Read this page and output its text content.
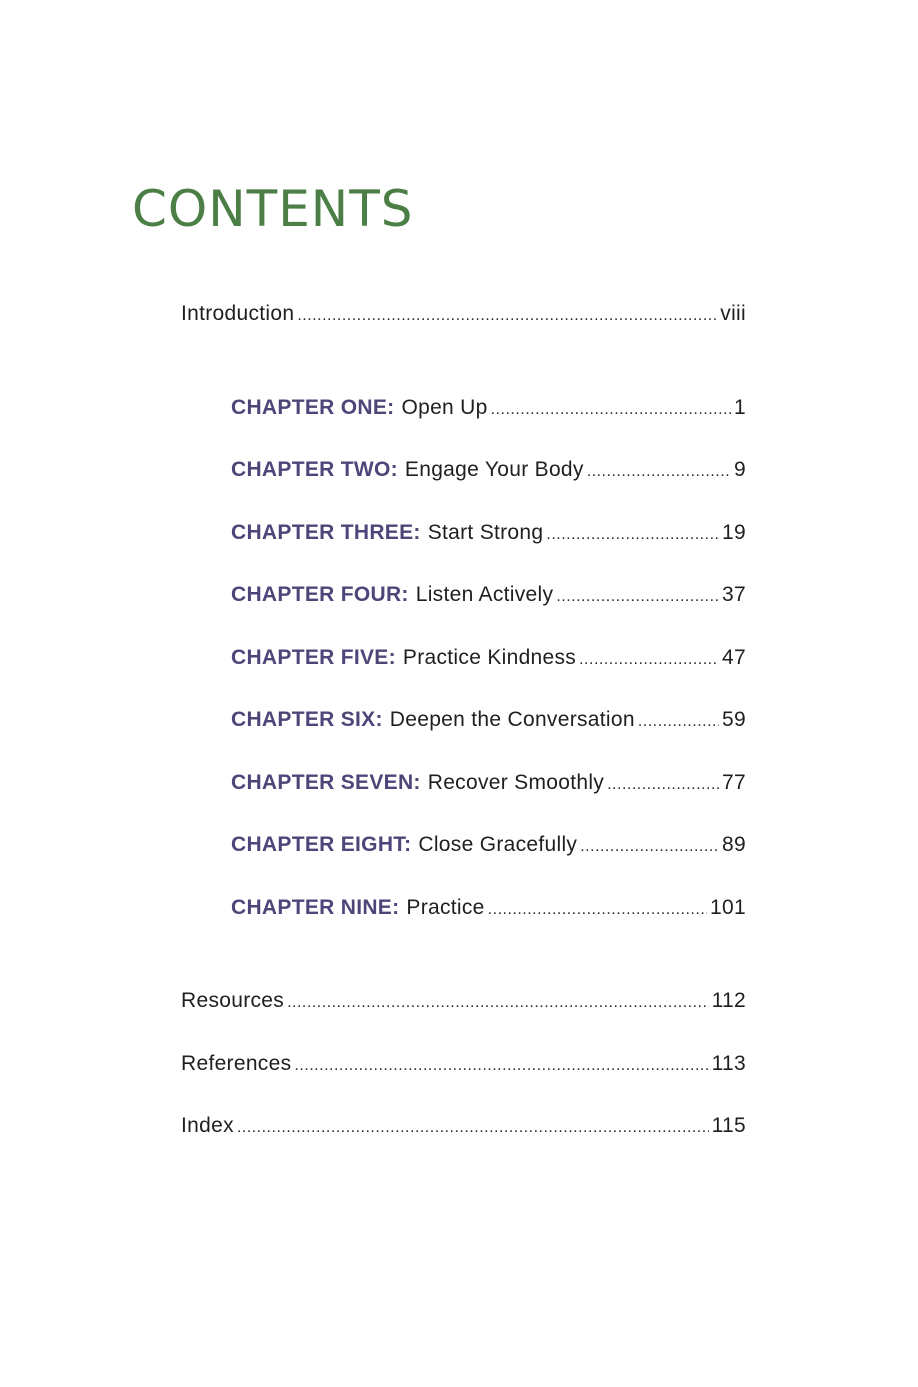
CONTENTS
Introduction .....	viii
CHAPTER ONE: Open Up .....	1
CHAPTER TWO: Engage Your Body .....	9
CHAPTER THREE: Start Strong .....	19
CHAPTER FOUR: Listen Actively .....	37
CHAPTER FIVE: Practice Kindness .....	47
CHAPTER SIX: Deepen the Conversation .....	59
CHAPTER SEVEN: Recover Smoothly .....	77
CHAPTER EIGHT: Close Gracefully .....	89
CHAPTER NINE: Practice .....	101
Resources .....	112
References .....	113
Index .....	115
